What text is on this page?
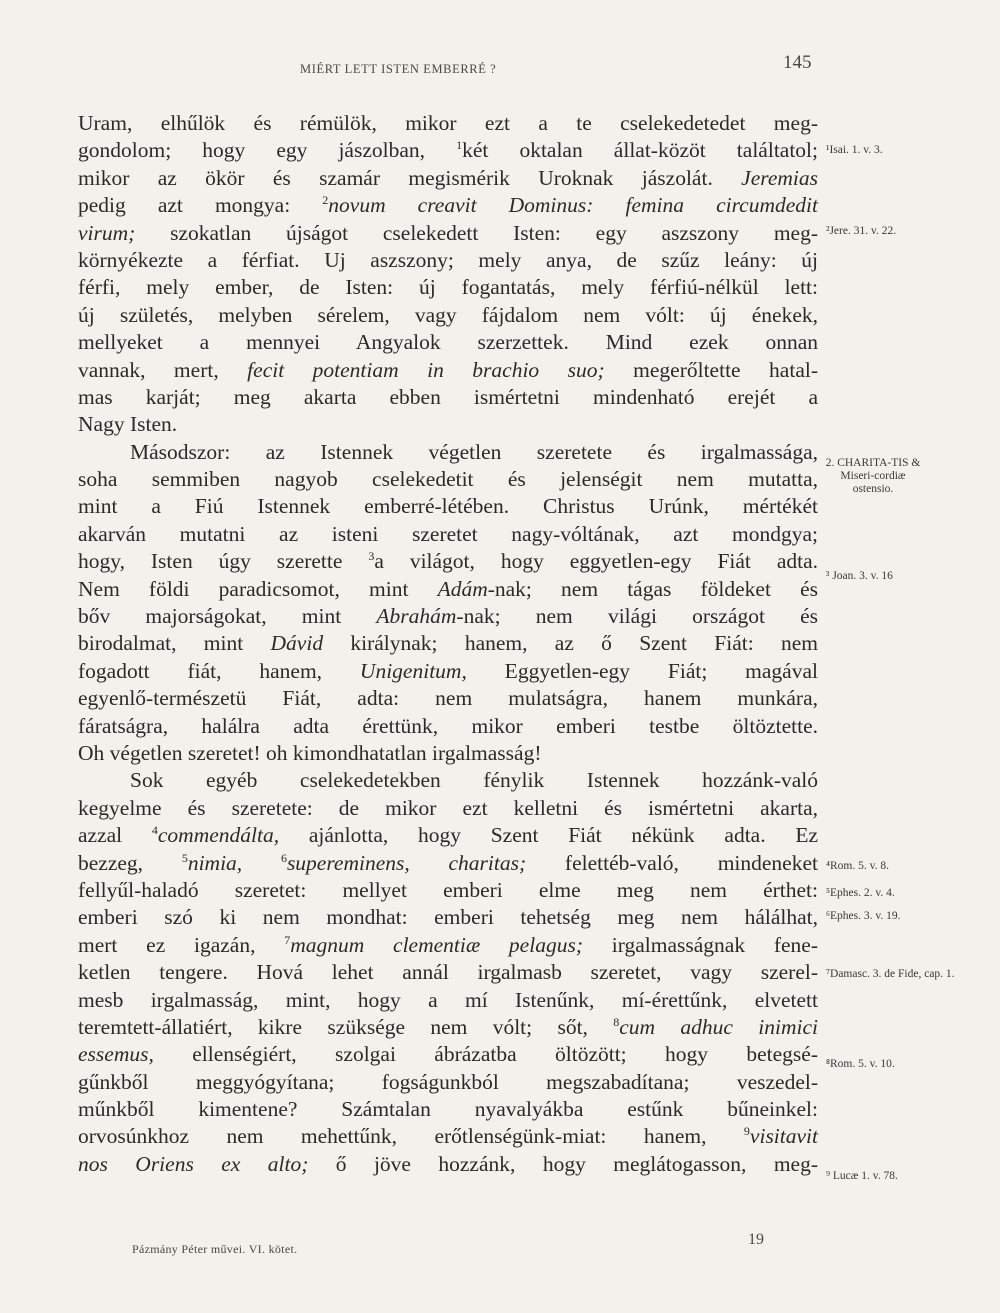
MIÉRT LETT ISTEN EMBERRÉ ?	145
Uram, elhűlök és rémülök, mikor ezt a te cselekedetedet meg-
gondolom; hogy egy jászolban, $^1$két oktalan állat-közöt találtatol;
mikor az ökör és szamár megismérik Uroknak jászolát. Jeremias
pedig azt mongya: $^2$novum creavit Dominus: femina circumdedit
virum; szokatlan újságot cselekedett Isten: egy aszszony meg-
környékezte a férfiat. Uj aszszony; mely anya, de szűz leány: új
férfi, mely ember, de Isten: új fogantatás, mely férfiú-nélkül lett:
új születés, melyben sérelem, vagy fájdalom nem vólt: új énekek,
mellyeket a mennyei Angyalok szerzettek. Mind ezek onnan
vannak, mert, fecit potentiam in brachio suo; megerőltette hatal-
mas karját; meg akarta ebben ismértetni mindenható erejét a
Nagy Isten.
Másodszor: az Istennek végetlen szeretete és irgalmassága,
soha semmiben nagyob cselekedetit és jelenségit nem mutatta,
mint a Fiú Istennek emberré-létében. Christus Urúnk, mértékét
akarván mutatni az isteni szeretet nagy-vóltának, azt mondgya;
hogy, Isten úgy szerette $^3$a világot, hogy eggyetlen-egy Fiát adta.
Nem földi paradicsomot, mint Adám-nak; nem tágas földeket és
bőv majorságokat, mint Abrahám-nak; nem világi országot és
birodalmat, mint Dávid királynak; hanem, az ő Szent Fiát: nem
fogadott fiát, hanem, Unigenitum, Eggyetlen-egy Fiát; magával
egyenlő-természetü Fiát, adta: nem mulatságra, hanem munkára,
fáratságra, halálra adta érettünk, mikor emberi testbe öltöztette.
Oh végetlen szeretet! oh kimondhatatlan irgalmasság!
Sok egyéb cselekedetekben fénylik Istennek hozzánk-való
kegyelme és szeretete: de mikor ezt kelletni és ismértetni akarta,
azzal $^4$commendálta, ajánlotta, hogy Szent Fiát nékünk adta. Ez
bezzeg, $^5$nimia,	$^6$supereminens, charitas; felettéb-való, mindeneket
fellyűl-haladó szeretet: mellyet emberi elme meg nem érthet:
emberi szó ki nem mondhat: emberi tehetség meg nem hálálhat,
mert ez igazán, $^7$magnum clementiæ pelagus; irgalmasságnak fene-
ketlen tengere. Hová lehet annál irgalmasb szeretet, vagy szerel-
mesb irgalmasság, mint, hogy a mí Istenűnk, mí-érettűnk, elvetett
teremtett-állatiért, kikre szükségе nem vólt; sőt, $^8$cum adhuc inimici
essemus, ellenségiért, szolgai ábrázatba öltözött; hogy betegsé-
gűnkből meggyógyítana; fogságunkból megszabadítana; veszedel-
műnkből kimentene? Számtalan nyavalyákba estűnk bűneinkel:
orvosúnkhoz nem mehettűnk, erőtlenségünk-miat: hanem, $^9$visitavit
nos Oriens ex alto; ő jöve hozzánk, hogy meglátogasson, meg-
¹Isai. 1. v. 3.
²Jere. 31. v. 22.
2. CHARITA-TIS & Miseri-cordiæ ostensio.
³ Joan. 3. v. 16
⁴Rom. 5. v. 8.
⁵Ephes. 2. v. 4.
⁶Ephes. 3. v. 19.
⁷Damasc. 3. de Fide, cap. 1.
⁸Rom. 5. v. 10.
⁹ Lucæ 1. v. 78.
Pázmány Péter művei. VI. kötet.
19
